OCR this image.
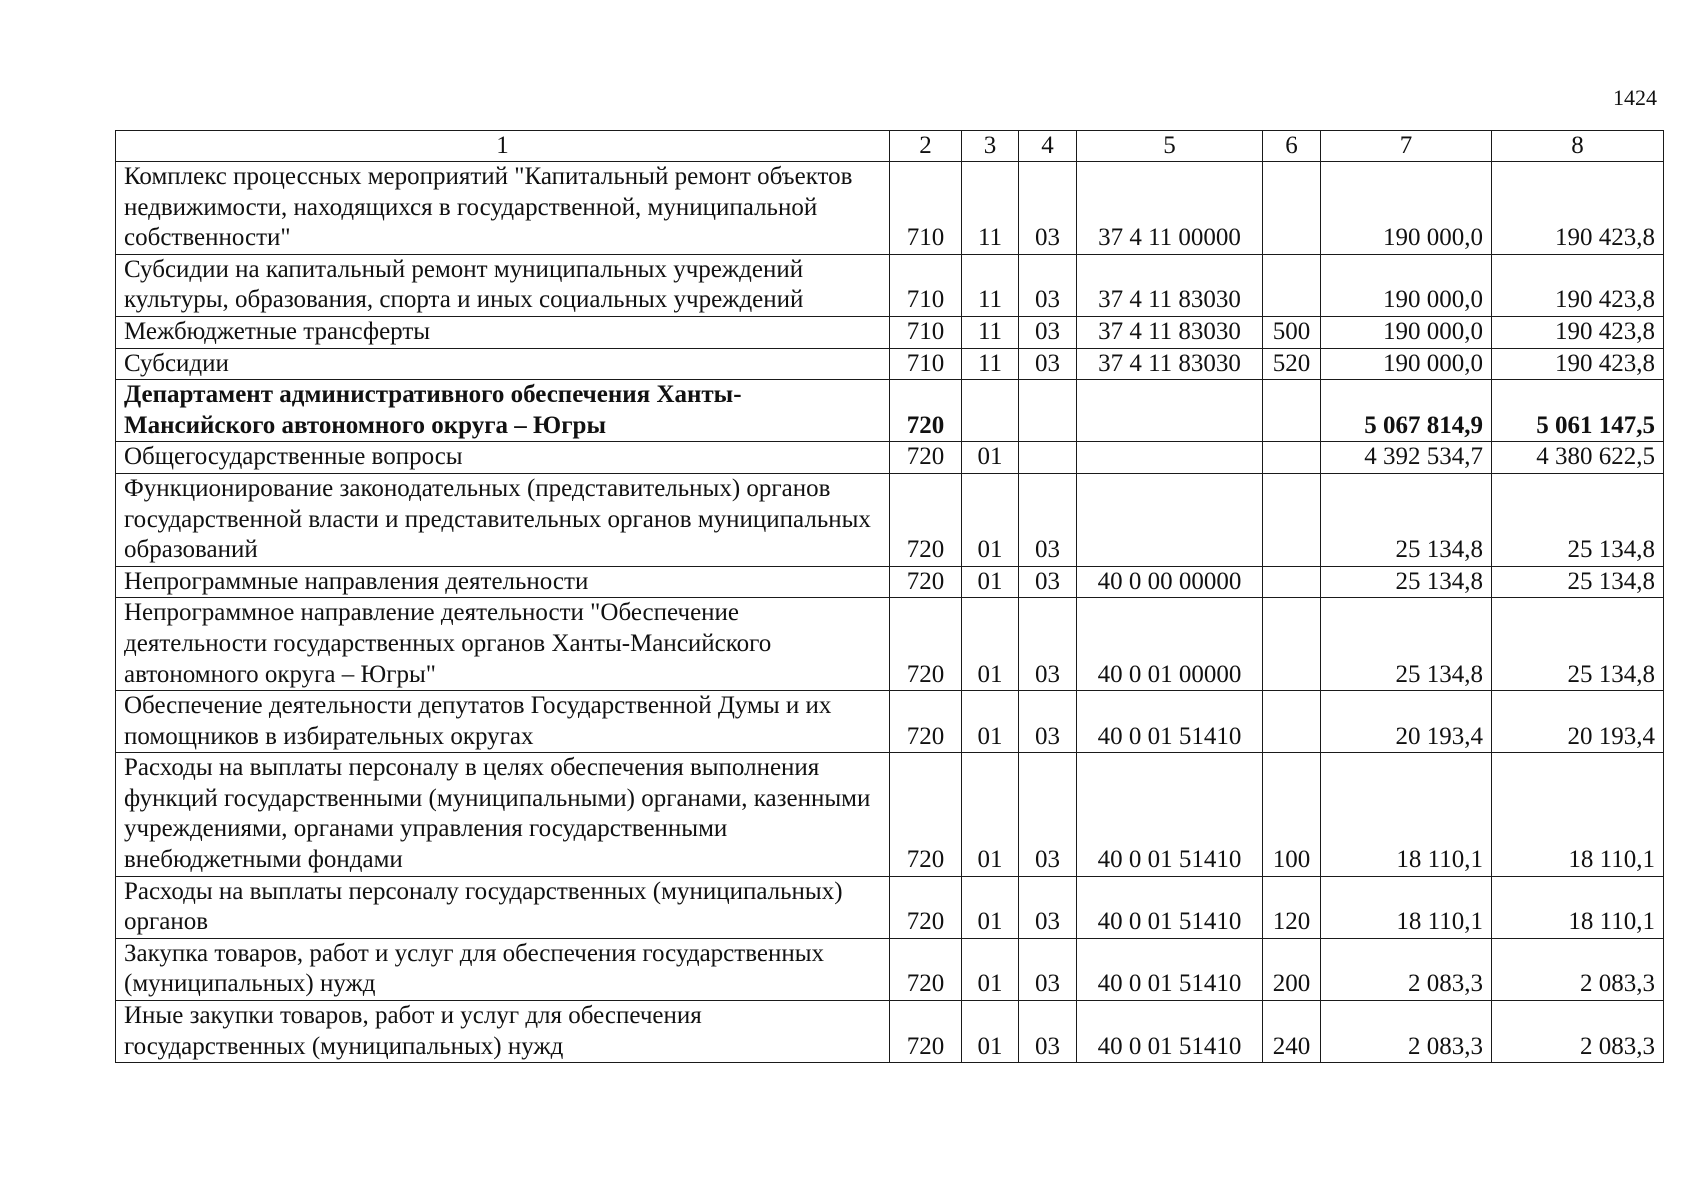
1424
1	2	3	4	5	6	7	8
Комплекс процессных мероприятий "Капитальный ремонт объектов недвижимости, находящихся в государственной, муниципальной собственности"	710	11	03	37 4 11 00000		190 000,0	190 423,8
Субсидии на капитальный ремонт муниципальных учреждений культуры, образования, спорта и иных социальных учреждений	710	11	03	37 4 11 83030		190 000,0	190 423,8
Межбюджетные трансферты	710	11	03	37 4 11 83030	500	190 000,0	190 423,8
Субсидии	710	11	03	37 4 11 83030	520	190 000,0	190 423,8
Департамент административного обеспечения Ханты-Мансийского автономного округа – Югры	720					5 067 814,9	5 061 147,5
Общегосударственные вопросы	720	01				4 392 534,7	4 380 622,5
Функционирование законодательных (представительных) органов государственной власти и представительных органов муниципальных образований	720	01	03			25 134,8	25 134,8
Непрограммные направления деятельности	720	01	03	40 0 00 00000		25 134,8	25 134,8
Непрограммное направление деятельности "Обеспечение деятельности государственных органов Ханты-Мансийского автономного округа – Югры"	720	01	03	40 0 01 00000		25 134,8	25 134,8
Обеспечение деятельности депутатов Государственной Думы и их помощников в избирательных округах	720	01	03	40 0 01 51410		20 193,4	20 193,4
Расходы на выплаты персоналу в целях обеспечения выполнения функций государственными (муниципальными) органами, казенными учреждениями, органами управления государственными внебюджетными фондами	720	01	03	40 0 01 51410	100	18 110,1	18 110,1
Расходы на выплаты персоналу государственных (муниципальных) органов	720	01	03	40 0 01 51410	120	18 110,1	18 110,1
Закупка товаров, работ и услуг для обеспечения государственных (муниципальных) нужд	720	01	03	40 0 01 51410	200	2 083,3	2 083,3
Иные закупки товаров, работ и услуг для обеспечения государственных (муниципальных) нужд	720	01	03	40 0 01 51410	240	2 083,3	2 083,3
